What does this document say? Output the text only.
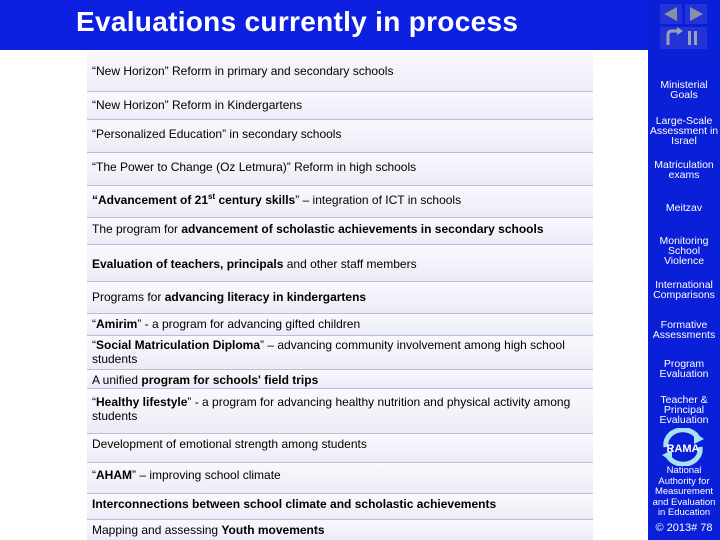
Evaluations currently in process
“New Horizon” Reform in primary and secondary schools
“New Horizon” Reform in Kindergartens
“Personalized Education” in secondary schools
“The Power to Change (Oz Letmura)” Reform in high schools
“Advancement of 21st century skills” – integration of ICT in schools
The program for advancement of scholastic achievements in secondary schools
Evaluation of teachers, principals and other staff members
Programs for advancing literacy in kindergartens
“Amirim” - a program for advancing gifted children
“Social Matriculation Diploma” – advancing community involvement among high school students
A unified program for schools' field trips
“Healthy lifestyle” - a program for advancing healthy nutrition and physical activity among students
Development of emotional strength among students
“AHAM” – improving school climate
Interconnections between school climate and scholastic achievements
Mapping and assessing Youth movements
Ministerial Goals
Large-Scale Assessment in Israel
Matriculation exams
Meitzav
Monitoring School Violence
International Comparisons
Formative Assessments
Program Evaluation
Teacher & Principal Evaluation
RAMA
National Authority for Measurement and Evaluation in Education
© 2013# 78
